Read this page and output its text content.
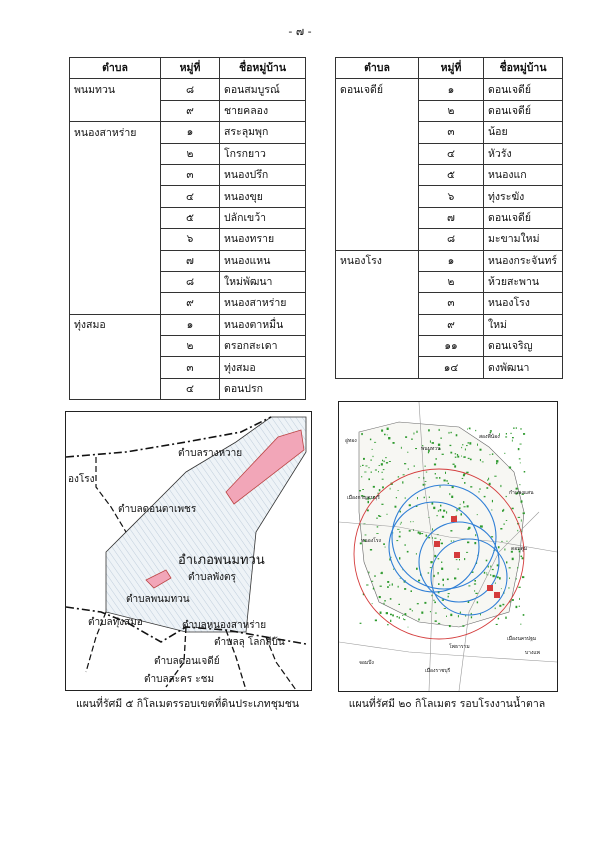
- ๗ -
ตำบล	หมู่ที่	ชื่อหมู่บ้าน
พนมทวน	๘	ดอนสมบูรณ์
	๙	ชายคลอง
หนองสาหร่าย	๑	สระลุมพุก
	๒	โกรกยาว
	๓	หนองปรึก
	๔	หนองขุย
	๕	ปลักเขว้า
	๖	หนองทราย
	๗	หนองแหน
	๘	ใหม่พัฒนา
	๙	หนองสาหร่าย
ทุ่งสมอ	๑	หนองตาหมื่น
	๒	ตรอกสะเดา
	๓	ทุ่งสมอ
	๔	ดอนปรก
ตำบล	หมู่ที่	ชื่อหมู่บ้าน
ดอนเจดีย์	๑	ดอนเจดีย์
	๒	ดอนเจดีย์
	๓	น้อย
	๔	หัวรัง
	๕	หนองแก
	๖	ทุ่งระฆัง
	๗	ดอนเจดีย์
	๘	มะขามใหม่
หนองโรง	๑	หนองกระจันทร์
	๒	ห้วยสะพาน
	๓	หนองโรง
	๙	ใหม่
	๑๑	ดอนเจริญ
	๑๔	ดงพัฒนา
ตำบลรางหวาย
องโรง
ตำบลดอนตาเพชร
อำเภอพนมทวน
ตำบลพังตรุ
ตำบลพนมทวน
ตำบลทุ่งสมอ	ตำบลหนองสาหร่าย
ตำบลลุ โลกสีบ้น
ตำบลดอนเจดีย์
ตำบลสะคร ะชม
พนมทวน
สองพี่น้อง
เมืองกาญจนบุรี
กำแพงแสน
ดอนตูม
เมืองนครปฐม
โพธาราม
บางแพ
เมืองราชบุรี
จอมบึง
หนองโรง
อู่ทอง
แผนที่รัศมี ๕ กิโลเมตรรอบเขตที่ดินประเภทชุมชน	แผนที่รัศมี ๒๐ กิโลเมตร รอบโรงงานน้ำตาล
